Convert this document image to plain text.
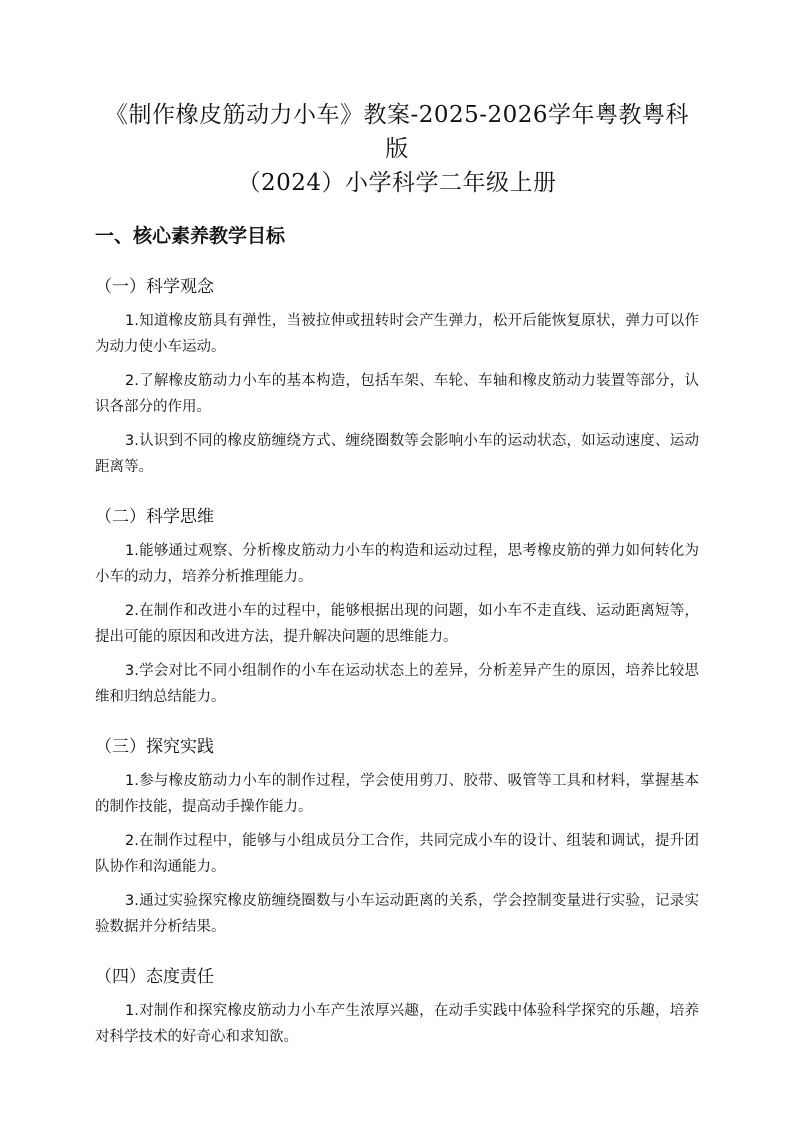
《制作橡皮筋动力小车》教案-2025-2026学年粤教粤科版
（2024）小学科学二年级上册
一、核心素养教学目标
（一）科学观念

1.知道橡皮筋具有弹性，当被拉伸或扭转时会产生弹力，松开后能恢复原状，弹力可以作为动力使小车运动。

2.了解橡皮筋动力小车的基本构造，包括车架、车轮、车轴和橡皮筋动力装置等部分，认识各部分的作用。

3.认识到不同的橡皮筋缠绕方式、缠绕圈数等会影响小车的运动状态，如运动速度、运动距离等。

（二）科学思维

1.能够通过观察、分析橡皮筋动力小车的构造和运动过程，思考橡皮筋的弹力如何转化为小车的动力，培养分析推理能力。

2.在制作和改进小车的过程中，能够根据出现的问题，如小车不走直线、运动距离短等，提出可能的原因和改进方法，提升解决问题的思维能力。

3.学会对比不同小组制作的小车在运动状态上的差异，分析差异产生的原因，培养比较思维和归纳总结能力。

（三）探究实践

1.参与橡皮筋动力小车的制作过程，学会使用剪刀、胶带、吸管等工具和材料，掌握基本的制作技能，提高动手操作能力。

2.在制作过程中，能够与小组成员分工合作，共同完成小车的设计、组装和调试，提升团队协作和沟通能力。

3.通过实验探究橡皮筋缠绕圈数与小车运动距离的关系，学会控制变量进行实验，记录实验数据并分析结果。

（四）态度责任

1.对制作和探究橡皮筋动力小车产生浓厚兴趣，在动手实践中体验科学探究的乐趣，培养对科学技术的好奇心和求知欲。
